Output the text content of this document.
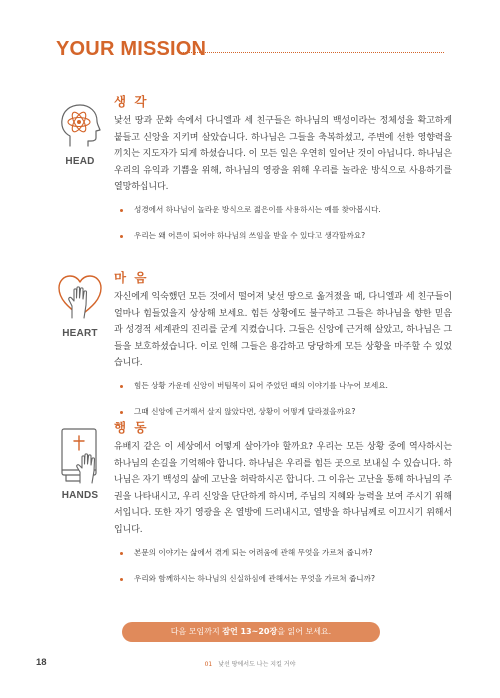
YOUR MISSION
HEAD
생 각

낯선 땅과 문화 속에서 다니엘과 세 친구들은 하나님의 백성이라는 정체성을 확고하게 붙들고 신앙을 지키며 살았습니다. 하나님은 그들을 축복하셨고, 주변에 선한 영향력을 끼치는 지도자가 되게 하셨습니다. 이 모든 일은 우연히 일어난 것이 아닙니다. 하나님은 우리의 유익과 기쁨을 위해, 하나님의 영광을 위해 우리를 놀라운 방식으로 사용하기를 열망하십니다.

성경에서 하나님이 놀라운 방식으로 젊은이를 사용하시는 예를 찾아봅시다.
우리는 왜 어른이 되어야 하나님의 쓰임을 받을 수 있다고 생각할까요?
HEART
마 음

자신에게 익숙했던 모든 것에서 떨어져 낯선 땅으로 옮겨졌을 때, 다니엘과 세 친구들이 얼마나 힘들었을지 상상해 보세요. 힘든 상황에도 불구하고 그들은 하나님을 향한 믿음과 성경적 세계관의 진리를 굳게 지켰습니다. 그들은 신앙에 근거해 살았고, 하나님은 그들을 보호하셨습니다. 이로 인해 그들은 용감하고 당당하게 모든 상황을 마주할 수 있었습니다.

힘든 상황 가운데 신앙이 버팀목이 되어 주었던 때의 이야기를 나누어 보세요.
그때 신앙에 근거해서 살지 않았다면, 상황이 어떻게 달라졌을까요?
HANDS
행 동

유배지 같은 이 세상에서 어떻게 살아가야 할까요? 우리는 모든 상황 중에 역사하시는 하나님의 손길을 기억해야 합니다. 하나님은 우리를 힘든 곳으로 보내실 수 있습니다. 하나님은 자기 백성의 삶에 고난을 허락하시곤 합니다. 그 이유는 고난을 통해 하나님의 주권을 나타내시고, 우리 신앙을 단단하게 하시며, 주님의 지혜와 능력을 보여 주시기 위해서입니다. 또한 자기 영광을 온 열방에 드러내시고, 열방을 하나님께로 이끄시기 위해서입니다.

본문의 이야기는 삶에서 겪게 되는 어려움에 관해 무엇을 가르쳐 줍니까?
우리와 함께하시는 하나님의 신실하심에 관해서는 무엇을 가르쳐 줍니까?
다음 모임까지 잠언 13~20장을 읽어 보세요.
18	01 낯선 땅에서도 나는 지킬 거야
